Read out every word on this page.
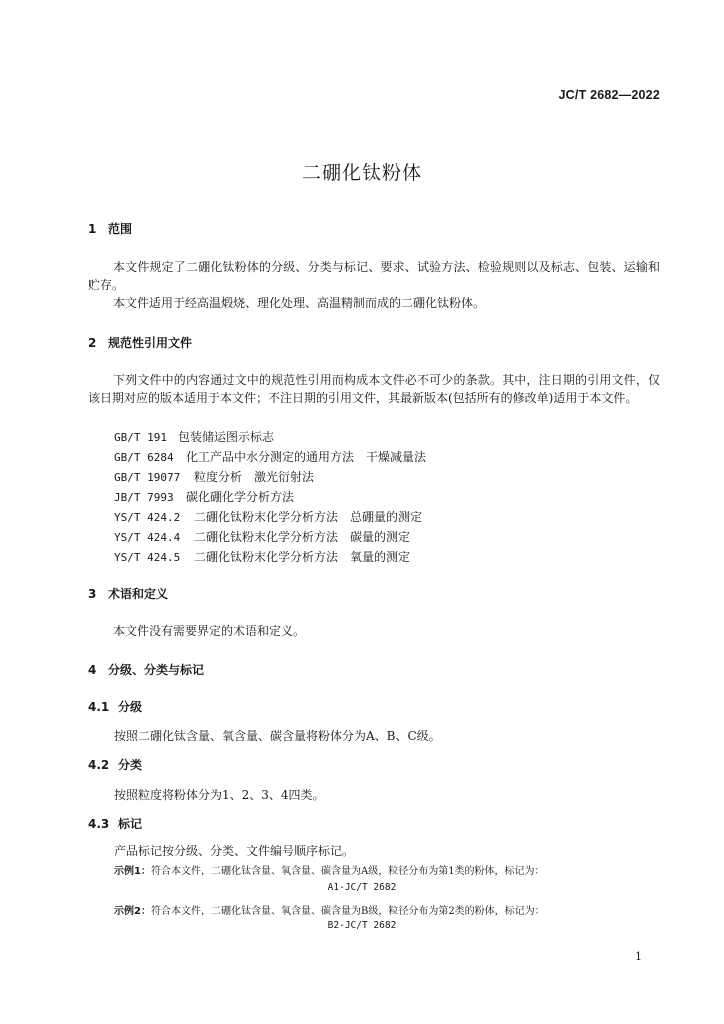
JC/T 2682—2022
二硼化钛粉体
1 范围
本文件规定了二硼化钛粉体的分级、分类与标记、要求、试验方法、检验规则以及标志、包装、运输和贮存。
本文件适用于经高温煅烧、理化处理、高温精制而成的二硼化钛粉体。
2 规范性引用文件
下列文件中的内容通过文中的规范性引用而构成本文件必不可少的条款。其中，注日期的引用文件，仅该日期对应的版本适用于本文件；不注日期的引用文件，其最新版本(包括所有的修改单)适用于本文件。
GB/T 191 包装储运图示标志
GB/T 6284 化工产品中水分测定的通用方法　干燥减量法
GB/T 19077 粒度分析　激光衍射法
JB/T 7993 碳化硼化学分析方法
YS/T 424.2 二硼化钛粉末化学分析方法　总硼量的测定
YS/T 424.4 二硼化钛粉末化学分析方法　碳量的测定
YS/T 424.5 二硼化钛粉末化学分析方法　氧量的测定
3 术语和定义
本文件没有需要界定的术语和定义。
4 分级、分类与标记
4.1 分级
按照二硼化钛含量、氧含量、碳含量将粉体分为A、B、C级。
4.2 分类
按照粒度将粉体分为1、2、3、4四类。
4.3 标记
产品标记按分级、分类、文件编号顺序标记。
示例1：符合本文件，二硼化钛含量、氧含量、碳含量为A级，粒径分布为第1类的粉体，标记为：
A1-JC/T 2682
示例2：符合本文件，二硼化钛含量、氧含量、碳含量为B级，粒径分布为第2类的粉体，标记为：
B2-JC/T 2682
1
